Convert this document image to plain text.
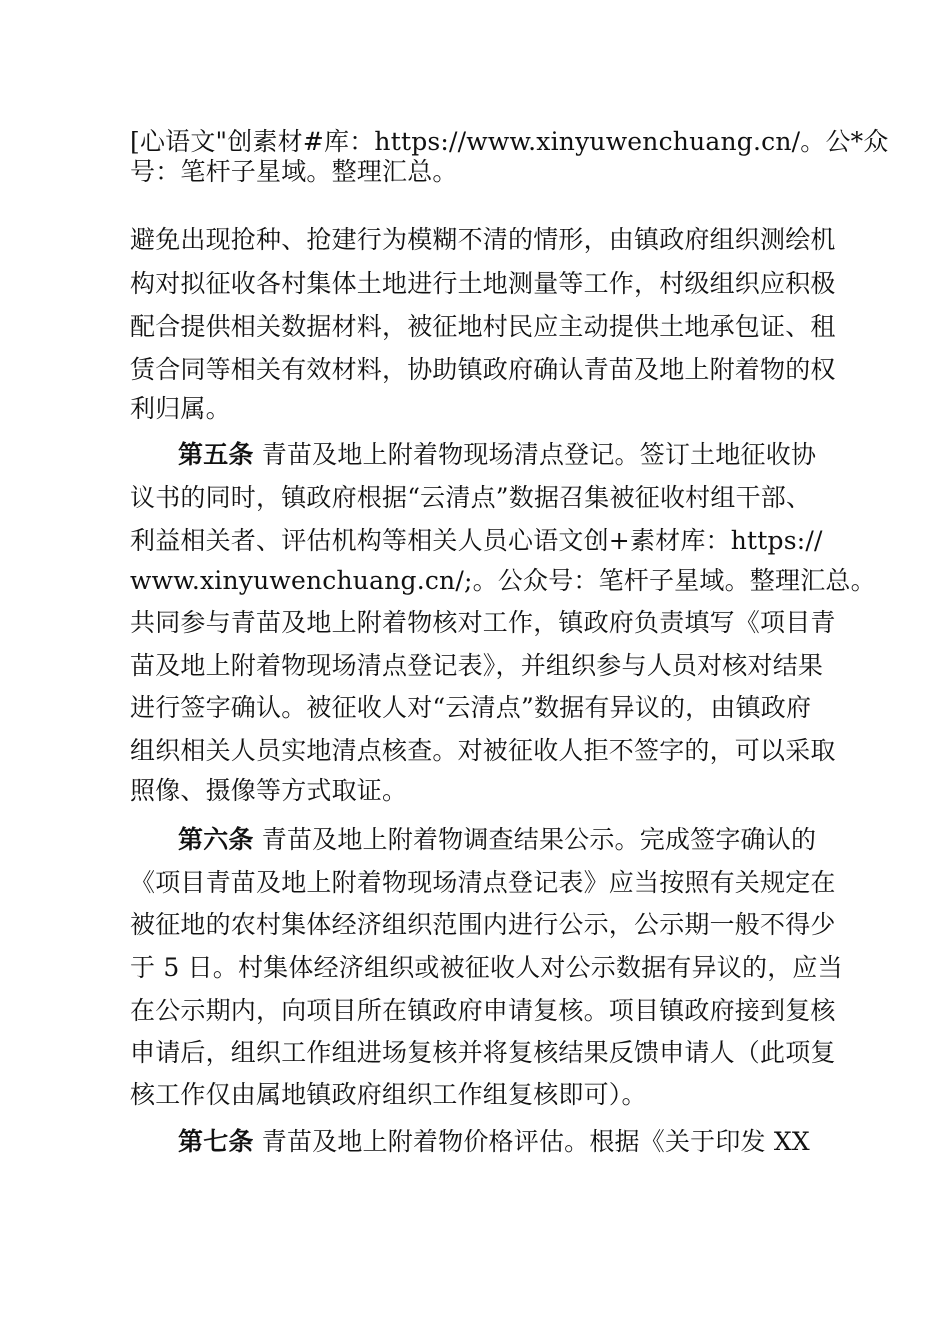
[心语文"创素材#库：https://www.xinyuwenchuang.cn/。公*众
号：笔杆子星域。整理汇总。
避免出现抢种、抢建行为模糊不清的情形，由镇政府组织测绘机
构对拟征收各村集体土地进行土地测量等工作，村级组织应积极
配合提供相关数据材料，被征地村民应主动提供土地承包证、租
赁合同等相关有效材料，协助镇政府确认青苗及地上附着物的权
利归属。
第五条 青苗及地上附着物现场清点登记。签订土地征收协
议书的同时，镇政府根据“云清点”数据召集被征收村组干部、
利益相关者、评估机构等相关人员心语文创+素材库：https://
www.xinyuwenchuang.cn/;。公众号：笔杆子星域。整理汇总。
共同参与青苗及地上附着物核对工作，镇政府负责填写《项目青
苗及地上附着物现场清点登记表》，并组织参与人员对核对结果
进行签字确认。被征收人对“云清点”数据有异议的，由镇政府
组织相关人员实地清点核查。对被征收人拒不签字的，可以采取
照像、摄像等方式取证。
第六条 青苗及地上附着物调查结果公示。完成签字确认的
《项目青苗及地上附着物现场清点登记表》应当按照有关规定在
被征地的农村集体经济组织范围内进行公示，公示期一般不得少
于 5 日。村集体经济组织或被征收人对公示数据有异议的，应当
在公示期内，向项目所在镇政府申请复核。项目镇政府接到复核
申请后，组织工作组进场复核并将复核结果反馈申请人（此项复
核工作仅由属地镇政府组织工作组复核即可）。
第七条 青苗及地上附着物价格评估。根据《关于印发 XX
